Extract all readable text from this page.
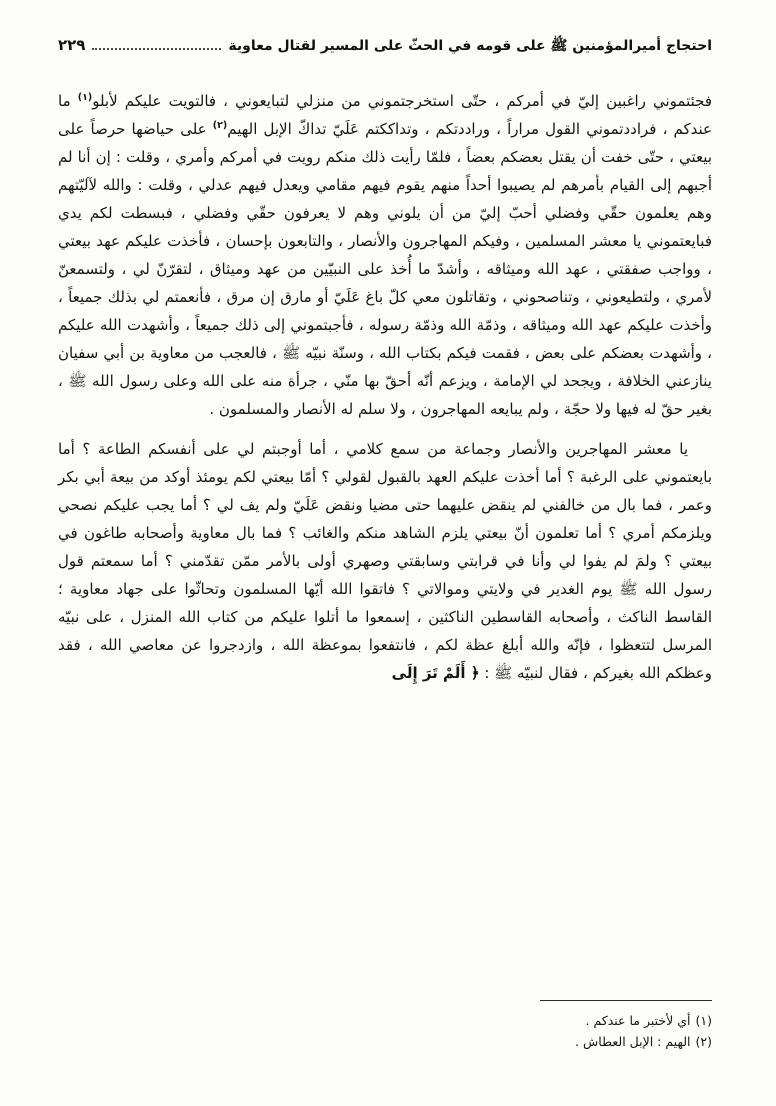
احتجاج أميرالمؤمنين ﷺ على قومه في الحثّ على المسير لقتال معاوية
٢٢٩

فجئتموني راغبين إليّ في أمركم ، حتّى استخرجتموني من منزلي لتبايعوني ، فالتويت عليكم لأبلو$^{(١)}$ ما عندكم ، فراددتموني القول مراراً ، وراددتكم ، وتداككتم عَلَيّ تداكّ الإبل الهيم$^{(٢)}$ على حياضها حرصاً على بيعتي ، حتّى خفت أن يقتل بعضكم بعضاً ، فلمّا رأيت ذلك منكم رويت في أمركم وأمري ، وقلت : إن أنا لم أجبهم إلى القيام بأمرهم لم يصيبوا أحداً منهم يقوم فيهم مقامي ويعدل فيهم عدلي ، وقلت : والله لآليّتهم وهم يعلمون حقّي وفضلي أحبّ إليّ من أن يلوني وهم لا يعرفون حقّي وفضلي ، فبسطت لكم يدي فبايعتموني يا معشر المسلمين ، وفيكم المهاجرون والأنصار ، والتابعون بإحسان ، فأخذت عليكم عهد بيعتي ، وواجب صفقتي ، عهد الله وميثاقه ، وأشدّ ما أُخذ على النبيّين من عهد وميثاق ، لتقرّنّ لي ، ولتسمعنّ لأمري ، ولتطيعوني ، وتناصحوني ، وتقاتلون معي كلّ باغ عَلَيّ أو مارق إن مرق ، فأنعمتم لي بذلك جميعاً ، وأخذت عليكم عهد الله وميثاقه ، وذمّة الله وذمّة رسوله ، فأجبتموني إلى ذلك جميعاً ، وأشهدت الله عليكم ، وأشهدت بعضكم على بعض ، فقمت فيكم بكتاب الله ، وسنّة نبيّه ﷺ ، فالعجب من معاوية بن أبي سفيان ينازعني الخلافة ، ويجحد لي الإمامة ، ويزعم أنّه أحقّ بها منّي ، جرأة منه على الله وعلى رسول الله ﷺ ، بغير حقّ له فيها ولا حجّة ، ولم يبايعه المهاجرون ، ولا سلم له الأنصار والمسلمون .

يا معشر المهاجرين والأنصار وجماعة من سمع كلامي ، أما أوجبتم لي على أنفسكم الطاعة ؟ أما بايعتموني على الرغبة ؟ أما أخذت عليكم العهد بالقبول لقولي ؟ أمّا بيعتي لكم يومئذ أوكد من بيعة أبي بكر وعمر ، فما بال من خالفني لم ينقض عليهما حتى مضيا ونقض عَلَيّ ولم يف لي ؟ أما يجب عليكم نصحي ويلزمكم أمري ؟ أما تعلمون أنّ بيعتي يلزم الشاهد منكم والغائب ؟ فما بال معاوية وأصحابه طاغون في بيعتي ؟ ولمَ لم يفوا لي وأنا في قرابتي وسابقتي وصهري أولى بالأمر ممّن تقدّمني ؟ أما سمعتم قول رسول الله ﷺ يوم الغدير في ولايتي وموالاتي ؟ فاتقوا الله أيّها المسلمون وتحاثّوا على جهاد معاوية ؛ القاسط الناكث ، وأصحابه القاسطين الناكثين ، إسمعوا ما أتلوا عليكم من كتاب الله المنزل ، على نبيّه المرسل لتتعظوا ، فإنّه والله أبلغ عظة لكم ، فانتفعوا بموعظة الله ، وازدجروا عن معاصي الله ، فقد وعظكم الله بغيركم ، فقال لنبيّه ﷺ : ﴿ أَلَمْ تَرَ إِلَى

(١)
أي لأختبر ما عندكم .
(٢)
الهيم : الإبل العطاش .
